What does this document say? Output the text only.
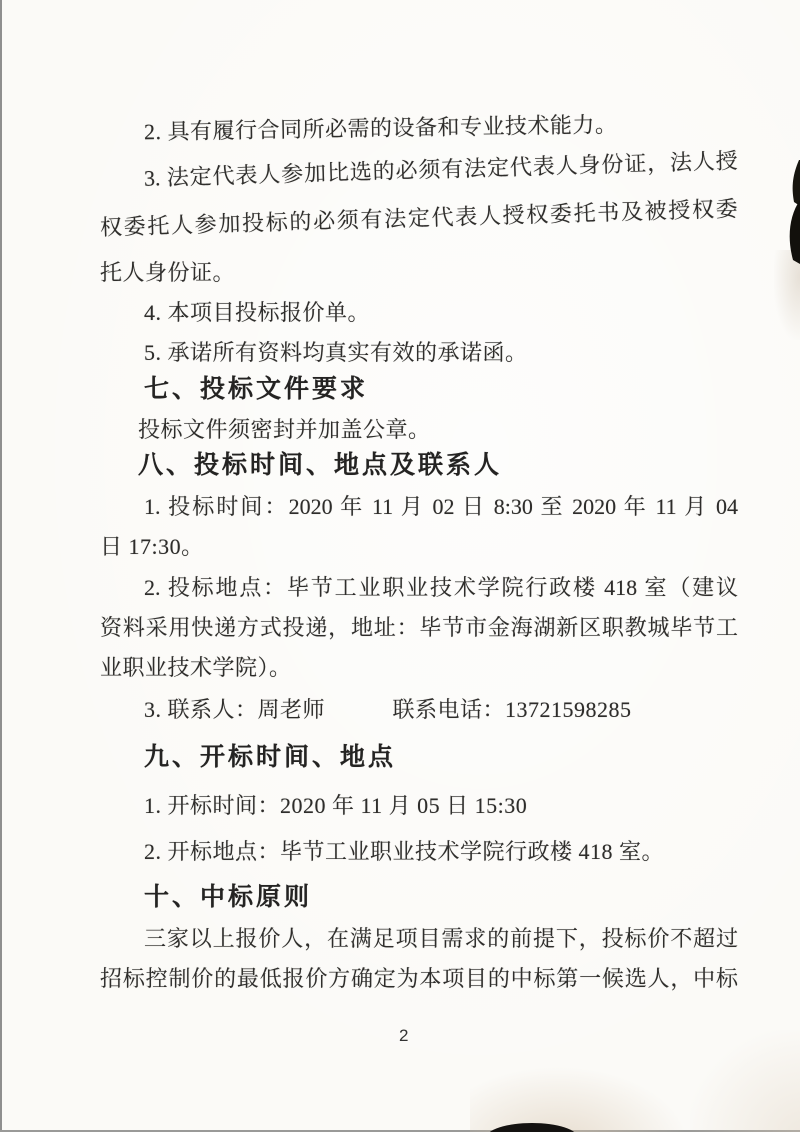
2. 具有履行合同所必需的设备和专业技术能力。
3. 法定代表人参加比选的必须有法定代表人身份证，法人授
权委托人参加投标的必须有法定代表人授权委托书及被授权委
托人身份证。
4. 本项目投标报价单。
5. 承诺所有资料均真实有效的承诺函。
七、投标文件要求
投标文件须密封并加盖公章。
八、投标时间、地点及联系人
1. 投标时间：2020 年 11 月 02 日 8:30 至 2020 年 11 月 04
日 17:30。
2. 投标地点：毕节工业职业技术学院行政楼 418 室（建议
资料采用快递方式投递，地址：毕节市金海湖新区职教城毕节工
业职业技术学院）。
3. 联系人：周老师　　　联系电话：13721598285
九、开标时间、地点
1. 开标时间：2020 年 11 月 05 日 15:30
2. 开标地点：毕节工业职业技术学院行政楼 418 室。
十、中标原则
三家以上报价人，在满足项目需求的前提下，投标价不超过
招标控制价的最低报价方确定为本项目的中标第一候选人，中标
2
